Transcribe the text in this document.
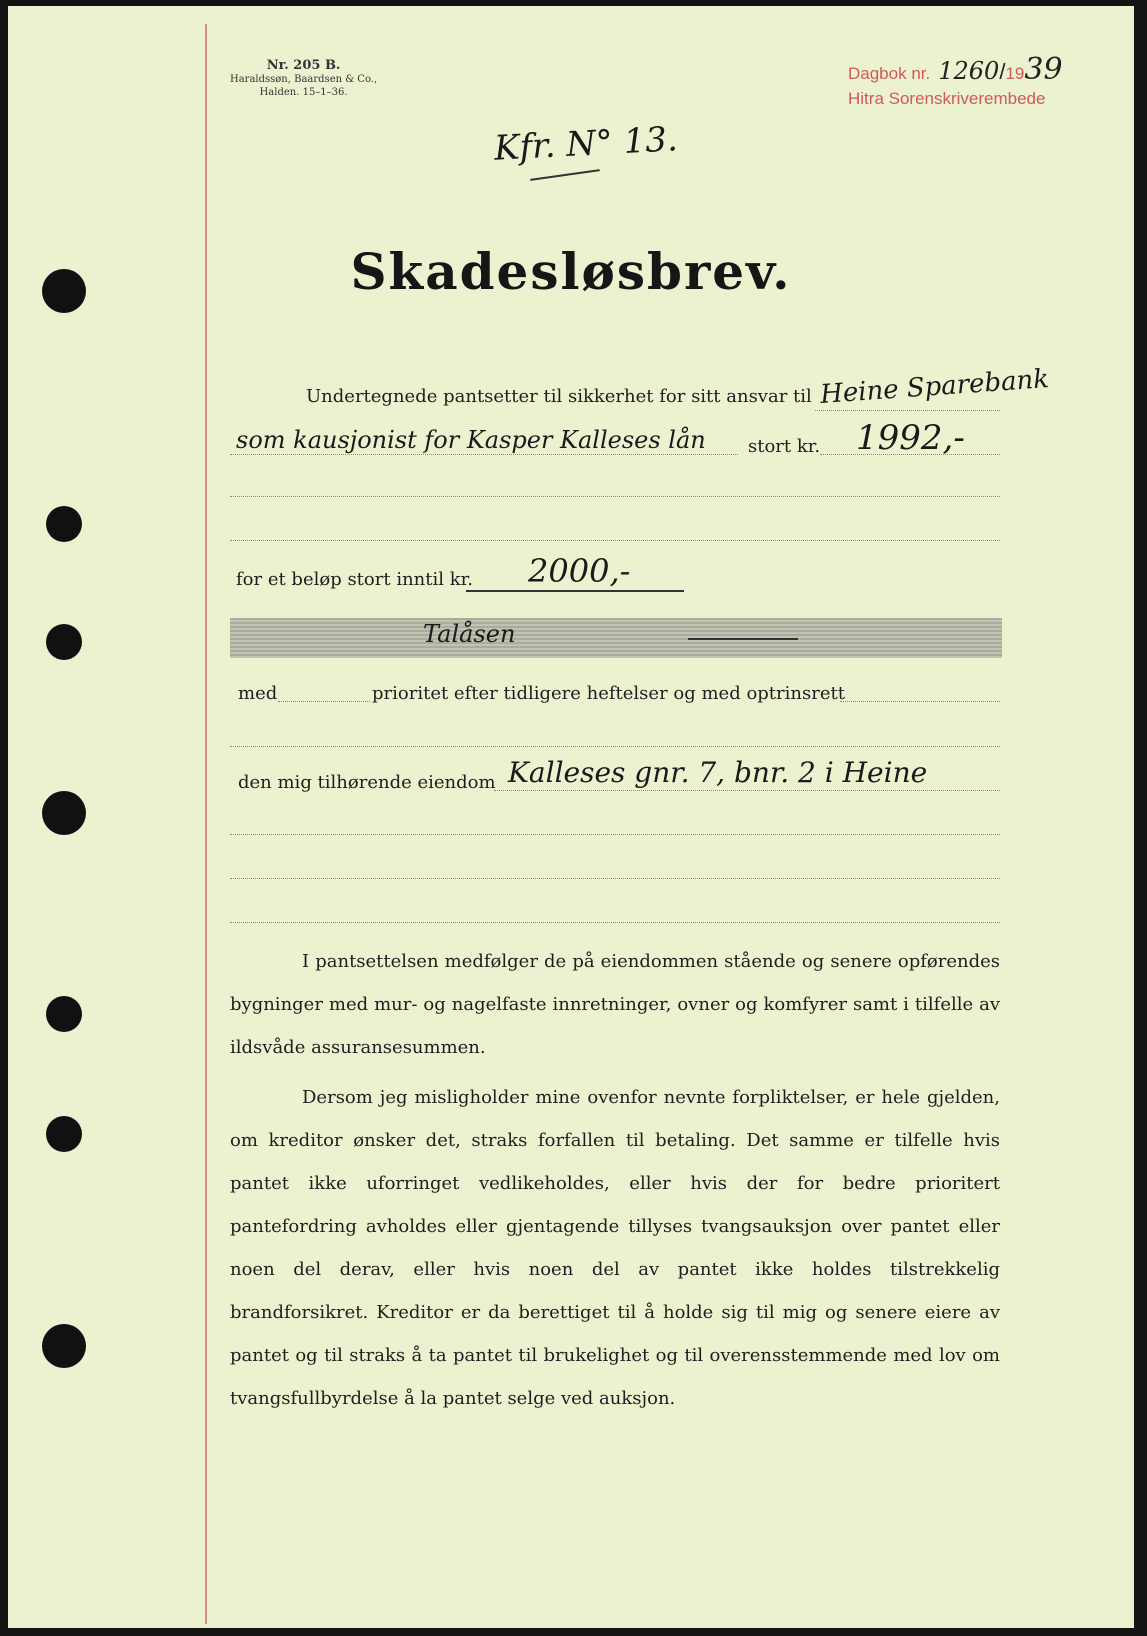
Nr. 205 B.
Haraldssøn, Baardsen & Co.,
Halden. 15–1–36.
Dagbok nr. 1260/1939
Hitra Sorenskriverembede
Kfr. N° 13.
Skadesløsbrev.
Undertegnede pantsetter til sikkerhet for sitt ansvar til Heine Sparebank
som kausjonist for Kasper Kalleses lån stort kr. 1992,-
for et beløp stort inntil kr. 2000,-
Talåsen
med	prioritet efter tidligere heftelser og med optrinsrett
den mig tilhørende eiendom Kalleses gnr. 7, bnr. 2 i Heine

I pantsettelsen medfølger de på eiendommen stående og senere opførendes bygninger med mur- og nagelfaste innretninger, ovner og komfyrer samt i tilfelle av ildsvåde assuransesummen.

Dersom jeg misligholder mine ovenfor nevnte forpliktelser, er hele gjelden, om kreditor ønsker det, straks forfallen til betaling. Det samme er tilfelle hvis pantet ikke uforringet vedlikeholdes, eller hvis der for bedre prioritert pantefordring avholdes eller gjentagende tillyses tvangsauksjon over pantet eller noen del derav, eller hvis noen del av pantet ikke holdes tilstrekkelig brandforsikret. Kreditor er da berettiget til å holde sig til mig og senere eiere av pantet og til straks å ta pantet til brukelighet og til overensstemmende med lov om tvangsfullbyrdelse å la pantet selge ved auksjon.
